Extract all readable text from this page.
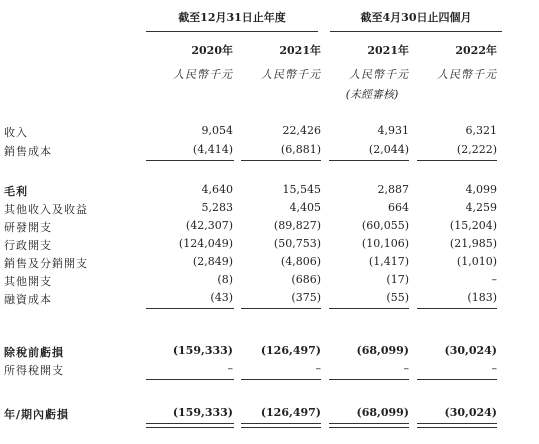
截至12月31日止年度	截至4月30日止四個月
2020年	2021年	2021年	2022年
人民幣千元	人民幣千元	人民幣千元	人民幣千元
(未經審核)
收入	9,054	22,426	4,931	6,321
銷售成本	(4,414)	(6,881)	(2,044)	(2,222)
毛利	4,640	15,545	2,887	4,099
其他收入及收益	5,283	4,405	664	4,259
研發開支	(42,307)	(89,827)	(60,055)	(15,204)
行政開支	(124,049)	(50,753)	(10,106)	(21,985)
銷售及分銷開支	(2,849)	(4,806)	(1,417)	(1,010)
其他開支	(8)	(686)	(17)	–
融資成本	(43)	(375)	(55)	(183)
除稅前虧損	(159,333)	(126,497)	(68,099)	(30,024)
所得稅開支	–	–	–	–
年/期內虧損	(159,333)	(126,497)	(68,099)	(30,024)
